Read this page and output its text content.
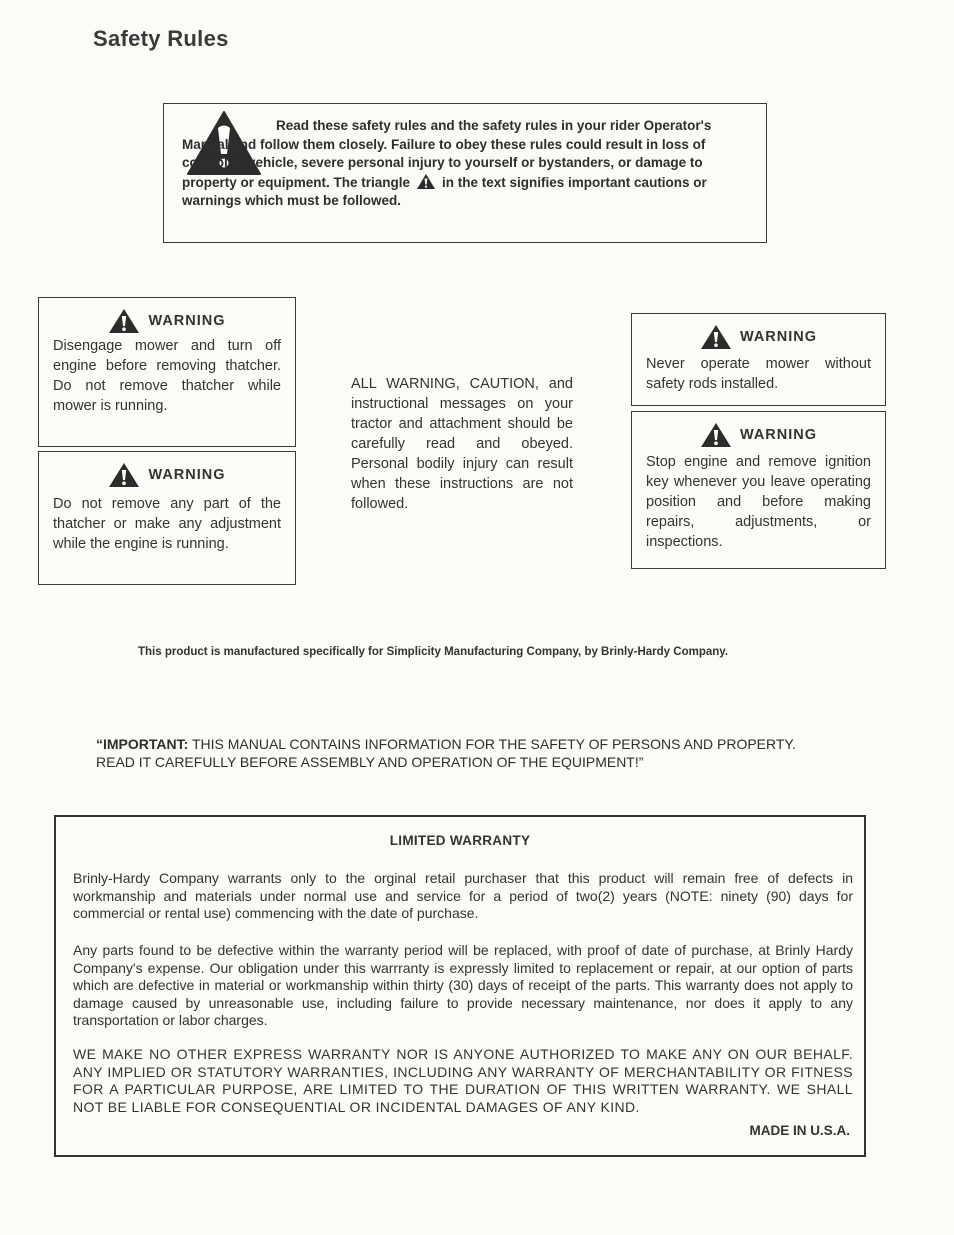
Safety Rules
Read these safety rules and the safety rules in your rider Operator's Manual and follow them closely. Failure to obey these rules could result in loss of control of vehicle, severe personal injury to yourself or bystanders, or damage to property or equipment. The triangle in the text signifies important cautions or warnings which must be followed.
WARNING
Disengage mower and turn off engine before removing thatcher. Do not remove thatcher while mower is running.
WARNING
Do not remove any part of the thatcher or make any adjustment while the engine is running.
ALL WARNING, CAUTION, and instructional messages on your tractor and attachment should be carefully read and obeyed. Personal bodily injury can result when these instructions are not followed.
WARNING
Never operate mower without safety rods installed.
WARNING
Stop engine and remove ignition key whenever you leave operating position and before making repairs, adjustments, or inspections.
This product is manufactured specifically for Simplicity Manufacturing Company, by Brinly-Hardy Company.
“IMPORTANT: THIS MANUAL CONTAINS INFORMATION FOR THE SAFETY OF PERSONS AND PROPERTY. READ IT CAREFULLY BEFORE ASSEMBLY AND OPERATION OF THE EQUIPMENT!”
LIMITED WARRANTY
Brinly-Hardy Company warrants only to the orginal retail purchaser that this product will remain free of defects in workmanship and materials under normal use and service for a period of two(2) years (NOTE: ninety (90) days for commercial or rental use) commencing with the date of purchase.
Any parts found to be defective within the warranty period will be replaced, with proof of date of purchase, at Brinly Hardy Company's expense. Our obligation under this warrranty is expressly limited to replacement or repair, at our option of parts which are defective in material or workmanship within thirty (30) days of receipt of the parts. This warranty does not apply to damage caused by unreasonable use, including failure to provide necessary maintenance, nor does it apply to any transportation or labor charges.
WE MAKE NO OTHER EXPRESS WARRANTY NOR IS ANYONE AUTHORIZED TO MAKE ANY ON OUR BEHALF. ANY IMPLIED OR STATUTORY WARRANTIES, INCLUDING ANY WARRANTY OF MERCHANTABILITY OR FITNESS FOR A PARTICULAR PURPOSE, ARE LIMITED TO THE DURATION OF THIS WRITTEN WARRANTY. WE SHALL NOT BE LIABLE FOR CONSEQUENTIAL OR INCIDENTAL DAMAGES OF ANY KIND.
MADE IN U.S.A.
